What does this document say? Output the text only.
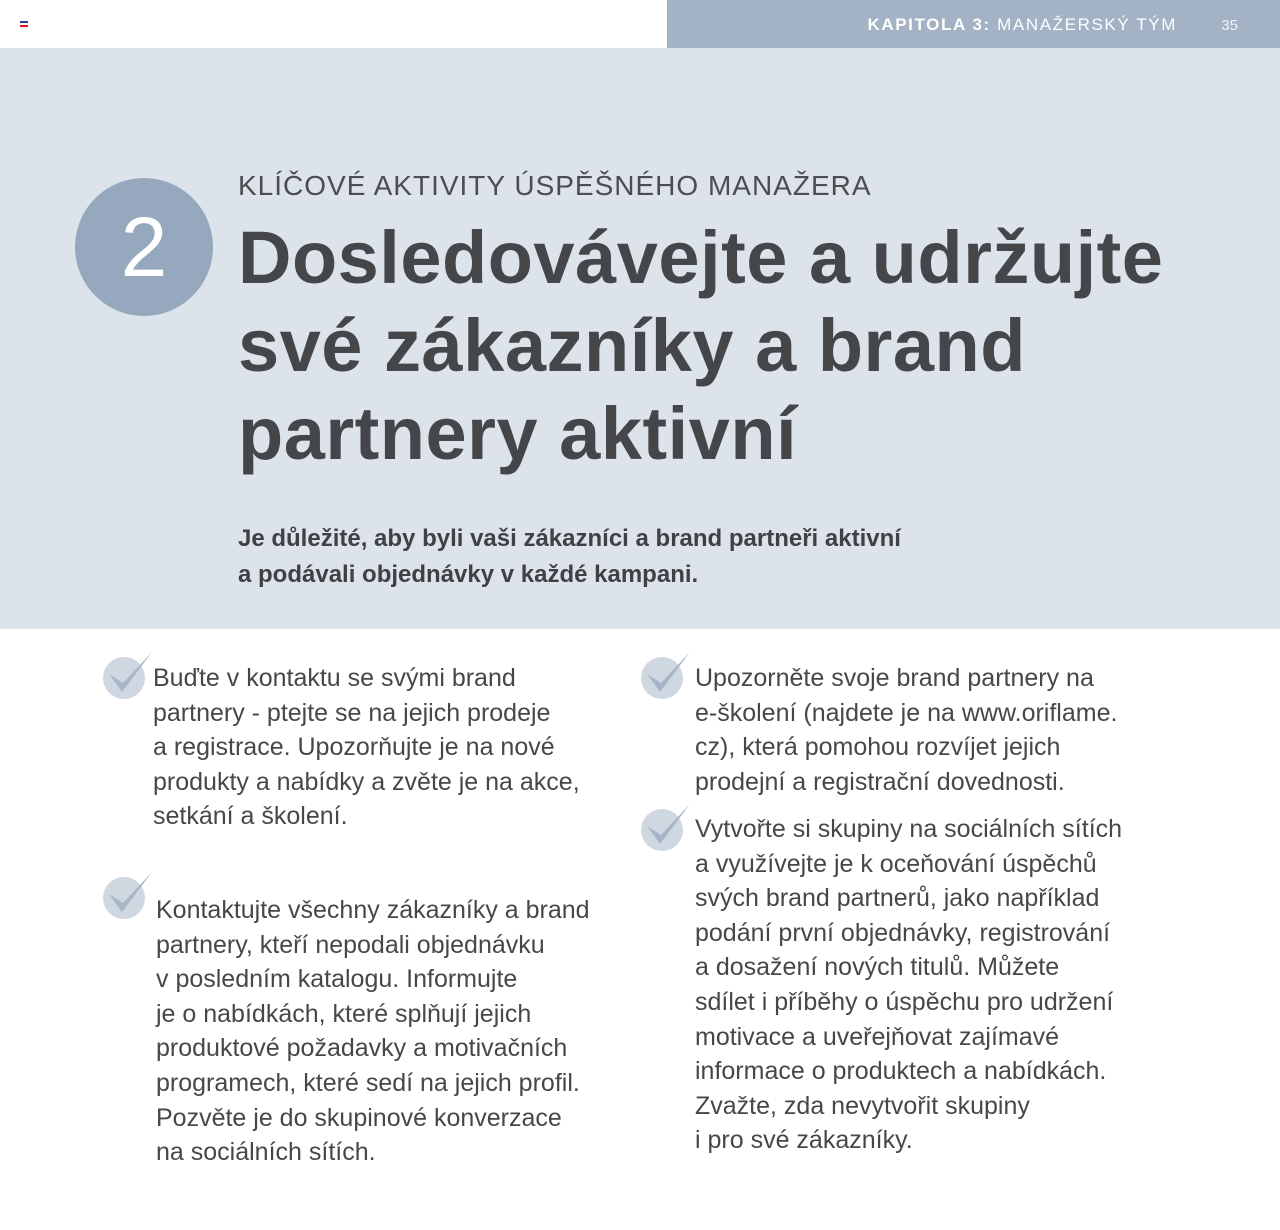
KAPITOLA 3: MANAŽERSKÝ TÝM	35
2
KLÍČOVÉ AKTIVITY ÚSPĚŠNÉHO MANAŽERA
Dosledovávejte a udržujte
své zákazníky a brand
partnery aktivní
Je důležité, aby byli vaši zákazníci a brand partneři aktivní
a podávali objednávky v každé kampani.
Buďte v kontaktu se svými brand
partnery - ptejte se na jejich prodeje
a registrace. Upozorňujte je na nové
produkty a nabídky a zvěte je na akce,
setkání a školení.
Kontaktujte všechny zákazníky a brand
partnery, kteří nepodali objednávku
v posledním katalogu. Informujte
je o nabídkách, které splňují jejich
produktové požadavky a motivačních
programech, které sedí na jejich profil.
Pozvěte je do skupinové konverzace
na sociálních sítích.
Upozorněte svoje brand partnery na
e-školení (najdete je na www.oriflame.
cz), která pomohou rozvíjet jejich
prodejní a registrační dovednosti.
Vytvořte si skupiny na sociálních sítích
a využívejte je k oceňování úspěchů
svých brand partnerů, jako například
podání první objednávky, registrování
a dosažení nových titulů. Můžete
sdílet i příběhy o úspěchu pro udržení
motivace a uveřejňovat zajímavé
informace o produktech a nabídkách.
Zvažte, zda nevytvořit skupiny
i pro své zákazníky.
